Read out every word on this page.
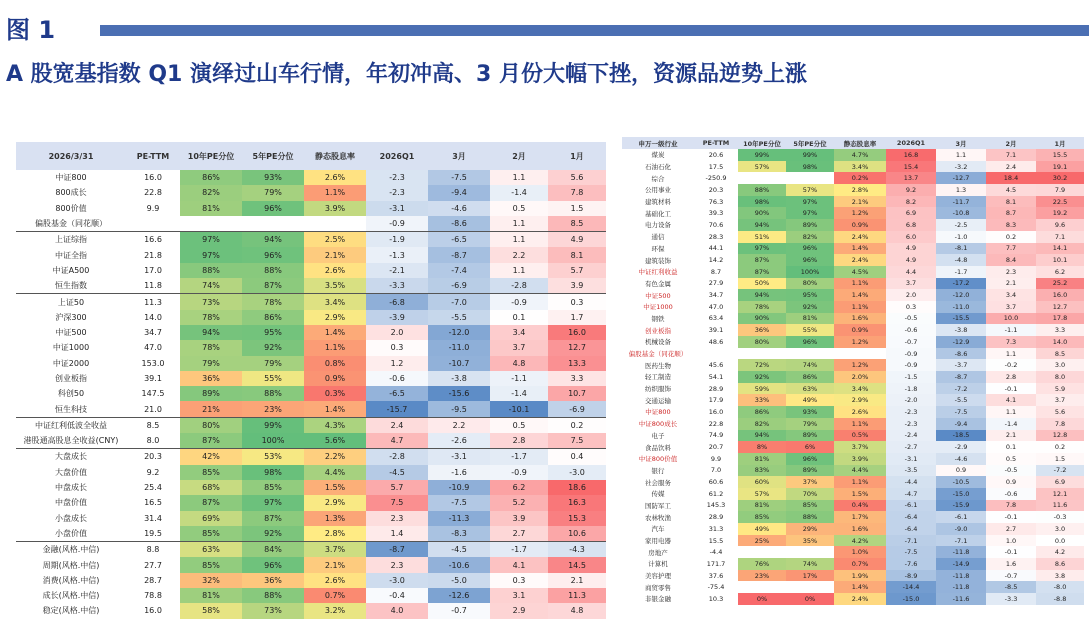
图 1
A 股宽基指数 Q1 演绎过山车行情，年初冲高、3 月份大幅下挫，资源品逆势上涨
2026/3/31	PE-TTM	10年PE分位	5年PE分位	静态股息率	2026Q1	3月	2月	1月
中证800	16.0	86%	93%	2.6%	-2.3	-7.5	1.1	5.6
800成长	22.8	82%	79%	1.1%	-2.3	-9.4	-1.4	7.8
800价值	9.9	81%	96%	3.9%	-3.1	-4.6	0.5	1.5
偏股基金（同花顺）					-0.9	-8.6	1.1	8.5
上证综指	16.6	97%	94%	2.5%	-1.9	-6.5	1.1	4.9
中证全指	21.8	97%	96%	2.1%	-1.3	-8.7	2.2	8.1
中证A500	17.0	88%	88%	2.6%	-2.1	-7.4	1.1	5.7
恒生指数	11.8	74%	87%	3.5%	-3.3	-6.9	-2.8	3.9
上证50	11.3	73%	78%	3.4%	-6.8	-7.0	-0.9	0.3
沪深300	14.0	78%	86%	2.9%	-3.9	-5.5	0.1	1.7
中证500	34.7	94%	95%	1.4%	2.0	-12.0	3.4	16.0
中证1000	47.0	78%	92%	1.1%	0.3	-11.0	3.7	12.7
中证2000	153.0	79%	79%	0.8%	1.2	-10.7	4.8	13.3
创业板指	39.1	36%	55%	0.9%	-0.6	-3.8	-1.1	3.3
科创50	147.5	89%	88%	0.3%	-6.5	-15.6	-1.4	10.7
恒生科技	21.0	21%	23%	1.4%	-15.7	-9.5	-10.1	-6.9
中证红利低波全收益	8.5	80%	99%	4.3%	2.4	2.2	0.5	0.2
港股通高股息全收益(CNY)	8.0	87%	100%	5.6%	4.7	-2.6	2.8	7.5
大盘成长	20.3	42%	53%	2.2%	-2.8	-3.1	-1.7	0.4
大盘价值	9.2	85%	98%	4.4%	-4.5	-1.6	-0.9	-3.0
中盘成长	25.4	68%	85%	1.5%	5.7	-10.9	6.2	18.6
中盘价值	16.5	87%	97%	2.9%	7.5	-7.5	5.2	16.3
小盘成长	31.4	69%	87%	1.3%	2.3	-11.3	3.9	15.3
小盘价值	19.5	85%	92%	2.8%	1.4	-8.3	2.7	10.6
金融(风格.中信)	8.8	63%	84%	3.7%	-8.7	-4.5	-1.7	-4.3
周期(风格.中信)	27.7	85%	96%	2.1%	2.3	-10.6	4.1	14.5
消费(风格.中信)	28.7	32%	36%	2.6%	-3.0	-5.0	0.3	2.1
成长(风格.中信)	78.8	81%	88%	0.7%	-0.4	-12.6	3.1	11.3
稳定(风格.中信)	16.0	58%	73%	3.2%	4.0	-0.7	2.9	4.8
申万一级行业	PE-TTM	10年PE分位	5年PE分位	静态股息率	2026Q1	3月	2月	1月
煤炭	20.6	99%	99%	4.7%	16.8	1.1	7.1	15.5
石油石化	17.5	57%	98%	3.4%	15.4	-3.2	2.4	19.1
综合	-250.9			0.2%	13.7	-12.7	18.4	30.2
公用事业	20.3	88%	57%	2.8%	9.2	1.3	4.5	7.9
建筑材料	76.3	98%	97%	2.1%	8.2	-11.7	8.1	22.5
基础化工	39.3	90%	97%	1.2%	6.9	-10.8	8.7	19.2
电力设备	70.6	94%	89%	0.9%	6.8	-2.5	8.3	9.6
通信	28.3	51%	82%	2.4%	6.0	-1.0	0.2	7.1
环保	44.1	97%	96%	1.4%	4.9	-8.1	7.7	14.1
建筑装饰	14.2	87%	96%	2.4%	4.9	-4.8	8.4	10.1
中证红利收益	8.7	87%	100%	4.5%	4.4	-1.7	2.3	6.2
有色金属	27.9	50%	80%	1.1%	3.7	-17.2	2.1	25.2
中证500	34.7	94%	95%	1.4%	2.0	-12.0	3.4	16.0
中证1000	47.0	78%	92%	1.1%	0.3	-11.0	3.7	12.7
钢铁	63.4	90%	81%	1.6%	-0.5	-15.5	10.0	17.8
创业板指	39.1	36%	55%	0.9%	-0.6	-3.8	-1.1	3.3
机械设备	48.6	80%	96%	1.2%	-0.7	-12.9	7.3	14.0
偏股基金（同花顺）					-0.9	-8.6	1.1	8.5
医药生物	45.6	72%	74%	1.2%	-0.9	-3.7	-0.2	3.0
轻工制造	54.1	92%	86%	2.0%	-1.5	-8.7	2.8	8.0
纺织服饰	28.9	59%	63%	3.4%	-1.8	-7.2	-0.1	5.9
交通运输	17.9	33%	49%	2.9%	-2.0	-5.5	4.1	3.7
中证800	16.0	86%	93%	2.6%	-2.3	-7.5	1.1	5.6
中证800成长	22.8	82%	79%	1.1%	-2.3	-9.4	-1.4	7.8
电子	74.9	94%	89%	0.5%	-2.4	-18.5	2.1	12.8
食品饮料	20.7	8%	6%	3.7%	-2.7	-2.9	0.1	0.2
中证800价值	9.9	81%	96%	3.9%	-3.1	-4.6	0.5	1.5
银行	7.0	83%	89%	4.4%	-3.5	0.9	-0.5	-7.2
社会服务	60.6	60%	37%	1.1%	-4.4	-10.5	0.9	6.9
传媒	61.2	57%	70%	1.5%	-4.7	-15.0	-0.6	12.1
国防军工	145.3	81%	85%	0.4%	-6.1	-15.9	7.8	11.6
农林牧渔	28.9	85%	88%	1.7%	-6.4	-6.1	-0.1	-0.3
汽车	31.3	49%	29%	1.6%	-6.4	-9.0	2.7	3.0
家用电器	15.5	25%	35%	4.2%	-7.1	-7.1	1.0	0.0
房地产	-4.4			1.0%	-7.5	-11.8	-0.1	4.2
计算机	171.7	76%	74%	0.7%	-7.6	-14.9	1.6	8.6
美容护理	37.6	23%	17%	1.9%	-8.9	-11.8	-0.7	3.8
商贸零售	-75.4			1.4%	-14.4	-11.8	-8.5	-8.0
非银金融	10.3	0%	0%	2.4%	-15.0	-11.6	-3.3	-8.8
